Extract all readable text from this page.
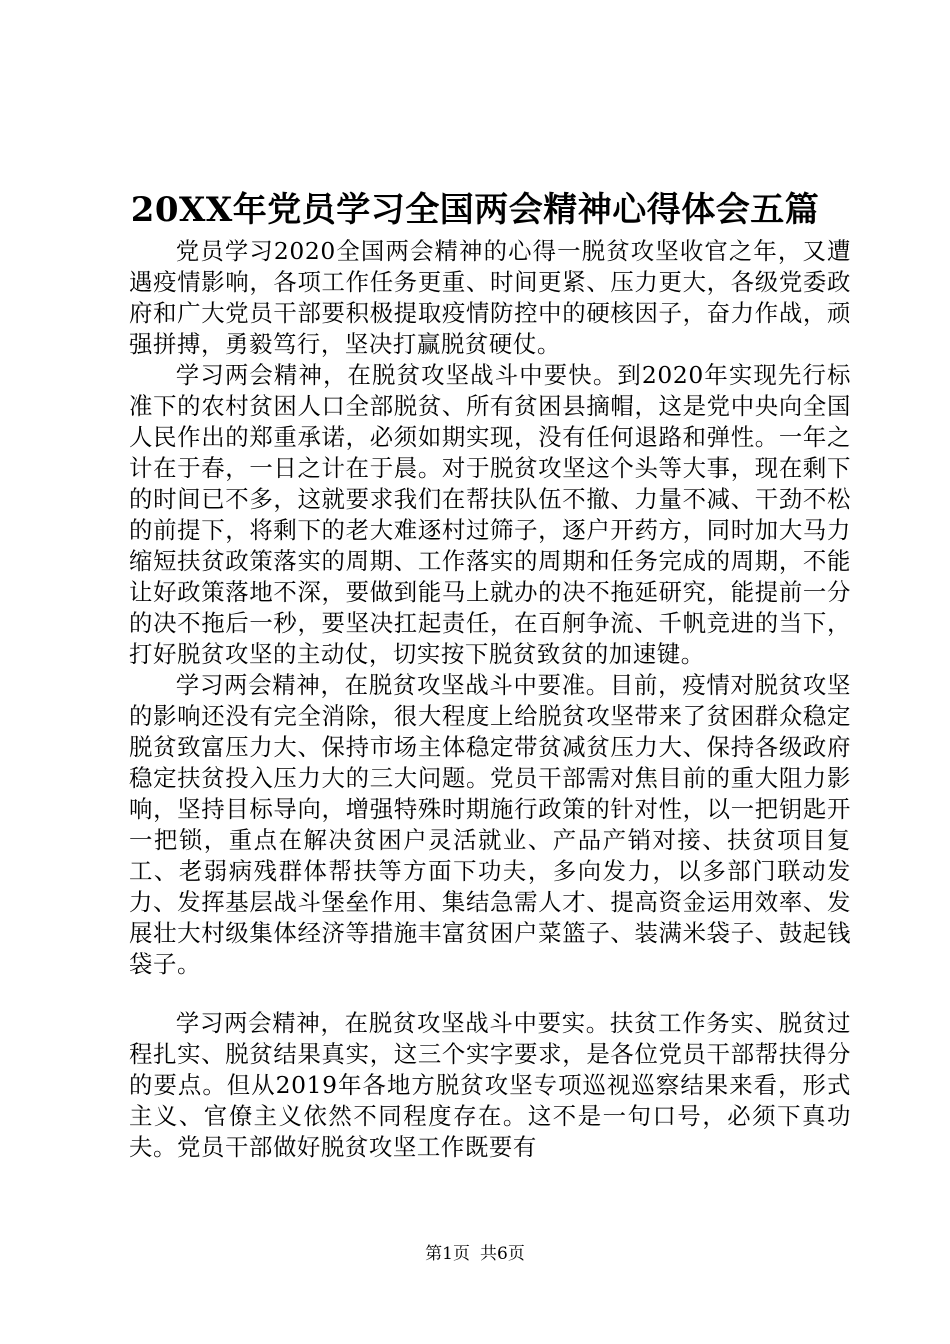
20XX年党员学习全国两会精神心得体会五篇

党员学习2020全国两会精神的心得一脱贫攻坚收官之年，又遭遇疫情影响，各项工作任务更重、时间更紧、压力更大，各级党委政府和广大党员干部要积极提取疫情防控中的硬核因子，奋力作战，顽强拼搏，勇毅笃行，坚决打赢脱贫硬仗。

学习两会精神，在脱贫攻坚战斗中要快。到2020年实现先行标准下的农村贫困人口全部脱贫、所有贫困县摘帽，这是党中央向全国人民作出的郑重承诺，必须如期实现，没有任何退路和弹性。一年之计在于春，一日之计在于晨。对于脱贫攻坚这个头等大事，现在剩下的时间已不多，这就要求我们在帮扶队伍不撤、力量不减、干劲不松的前提下，将剩下的老大难逐村过筛子，逐户开药方，同时加大马力缩短扶贫政策落实的周期、工作落实的周期和任务完成的周期，不能让好政策落地不深，要做到能马上就办的决不拖延研究，能提前一分的决不拖后一秒，要坚决扛起责任，在百舸争流、千帆竞进的当下，打好脱贫攻坚的主动仗，切实按下脱贫致贫的加速键。

学习两会精神，在脱贫攻坚战斗中要准。目前，疫情对脱贫攻坚的影响还没有完全消除，很大程度上给脱贫攻坚带来了贫困群众稳定脱贫致富压力大、保持市场主体稳定带贫减贫压力大、保持各级政府稳定扶贫投入压力大的三大问题。党员干部需对焦目前的重大阻力影响，坚持目标导向，增强特殊时期施行政策的针对性，以一把钥匙开一把锁，重点在解决贫困户灵活就业、产品产销对接、扶贫项目复工、老弱病残群体帮扶等方面下功夫，多向发力，以多部门联动发力、发挥基层战斗堡垒作用、集结急需人才、提高资金运用效率、发展壮大村级集体经济等措施丰富贫困户菜篮子、装满米袋子、鼓起钱袋子。

学习两会精神，在脱贫攻坚战斗中要实。扶贫工作务实、脱贫过程扎实、脱贫结果真实，这三个实字要求，是各位党员干部帮扶得分的要点。但从2019年各地方脱贫攻坚专项巡视巡察结果来看，形式主义、官僚主义依然不同程度存在。这不是一句口号，必须下真功夫。党员干部做好脱贫攻坚工作既要有

第1页 共6页
